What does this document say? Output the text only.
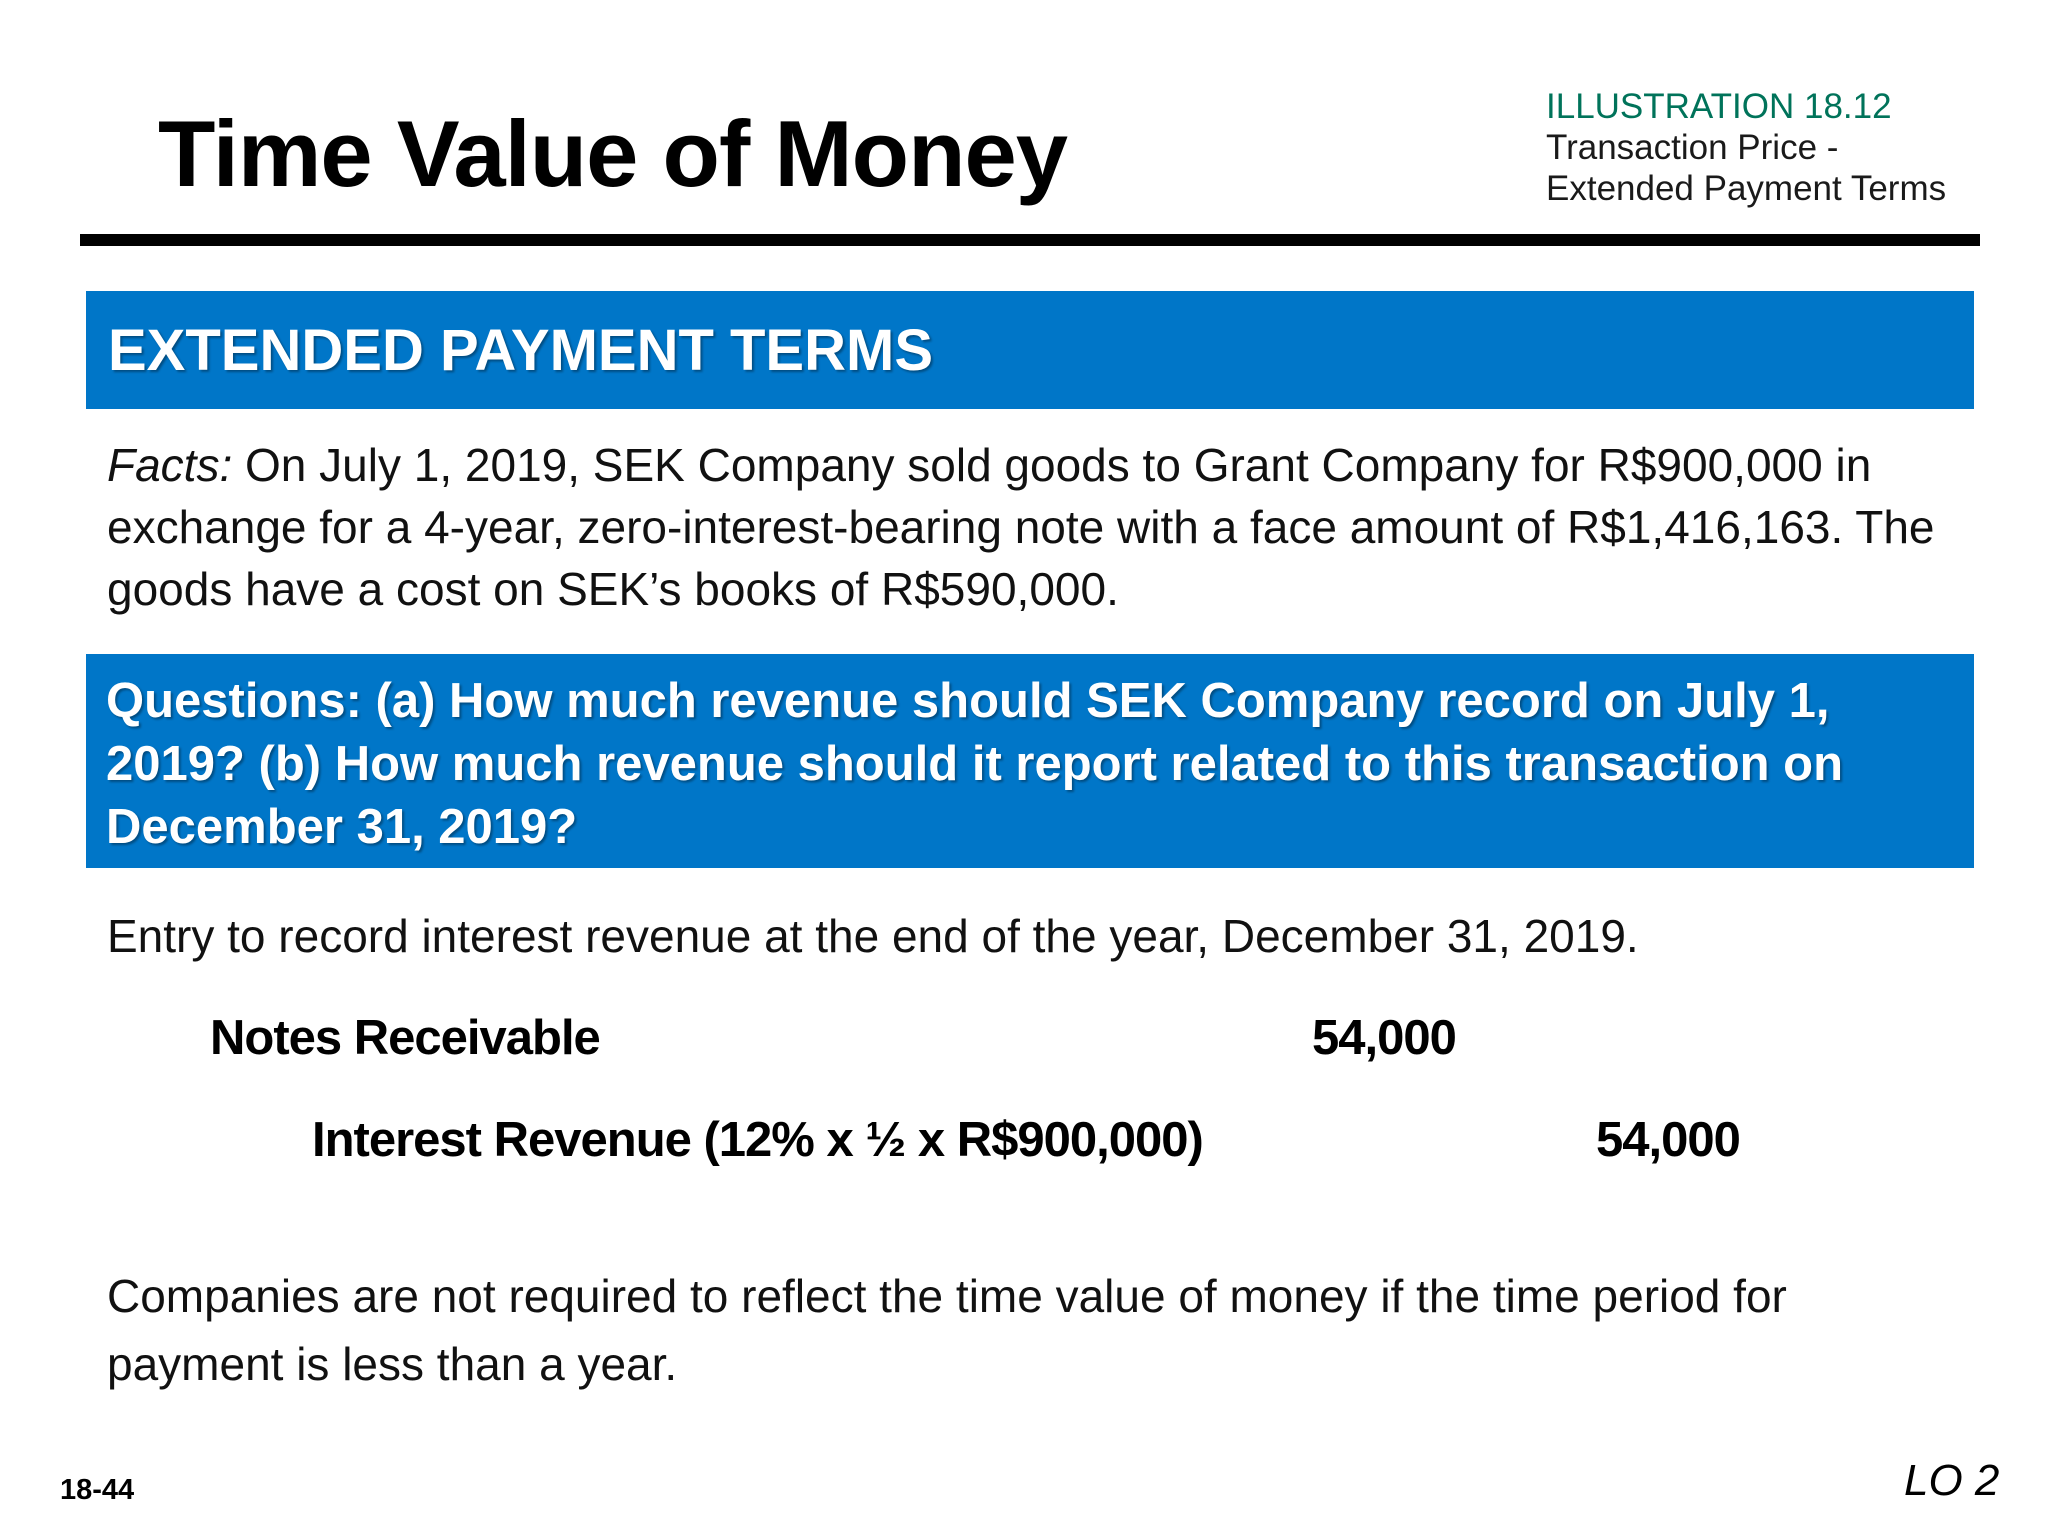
Time Value of Money	ILLUSTRATION 18.12
Transaction Price -
Extended Payment Terms
EXTENDED PAYMENT TERMS
Facts: On July 1, 2019, SEK Company sold goods to Grant Company for R$900,000 in exchange for a 4-year, zero-interest-bearing note with a face amount of R$1,416,163. The goods have a cost on SEK’s books of R$590,000.
Questions: (a) How much revenue should SEK Company record on July 1, 2019? (b) How much revenue should it report related to this transaction on December 31, 2019?
Entry to record interest revenue at the end of the year, December 31, 2019.
Notes Receivable	54,000
Interest Revenue (12% x ½ x R$900,000)	54,000
Companies are not required to reflect the time value of money if the time period for payment is less than a year.
18-44	LO 2
